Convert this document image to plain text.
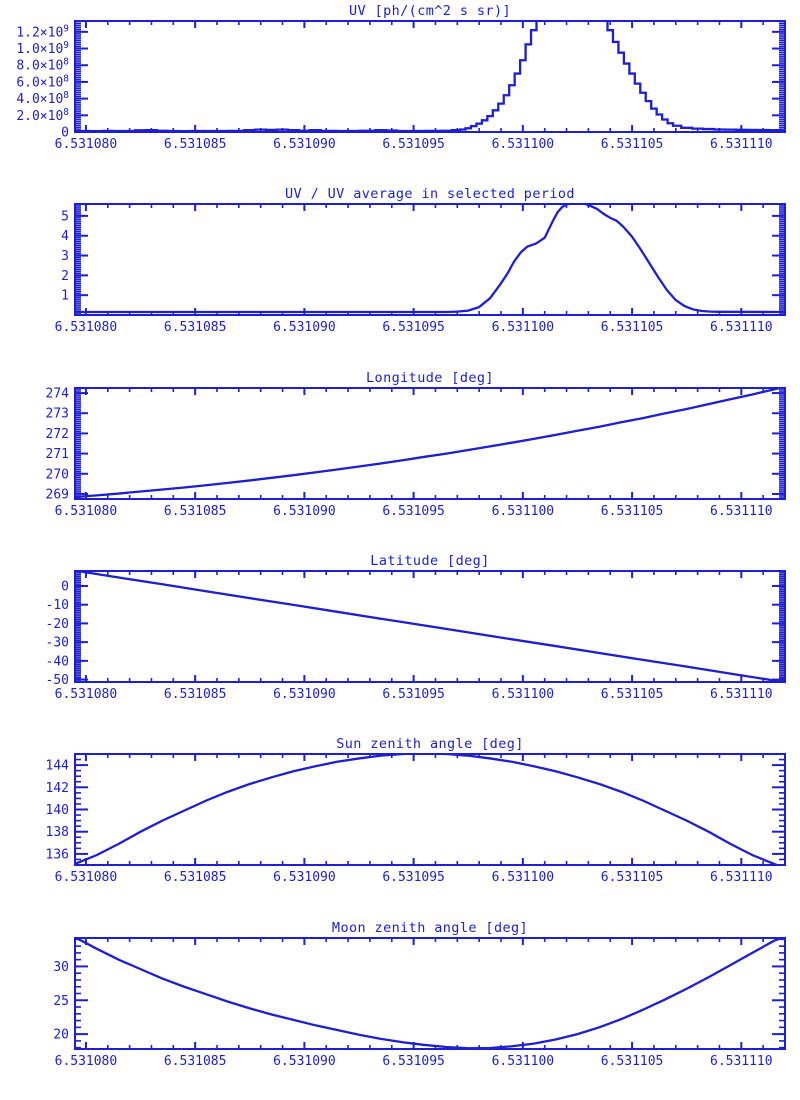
6.531080	6.531085	6.531090	6.531095	6.531100	6.531105	6.531110
0
$2.0\times 10^8$
$4.0\times 10^8$
$6.0\times 10^8$
$8.0\times 10^8$
$1.0\times 10^9$
$1.2\times 10^9$
UV [ph/(cm^2 s sr)]
6.531080	6.531085	6.531090	6.531095	6.531100	6.531105	6.531110
1
2
3
4
5
UV / UV average in selected period
6.531080	6.531085	6.531090	6.531095	6.531100	6.531105	6.531110
269
270
271
272
273
274
Longitude [deg]
6.531080	6.531085	6.531090	6.531095	6.531100	6.531105	6.531110
-50
-40
-30
-20
-10
0
Latitude [deg]
6.531080	6.531085	6.531090	6.531095	6.531100	6.531105	6.531110
136
138
140
142
144
Sun zenith angle [deg]
6.531080	6.531085	6.531090	6.531095	6.531100	6.531105	6.531110
20
25
30
Moon zenith angle [deg]
